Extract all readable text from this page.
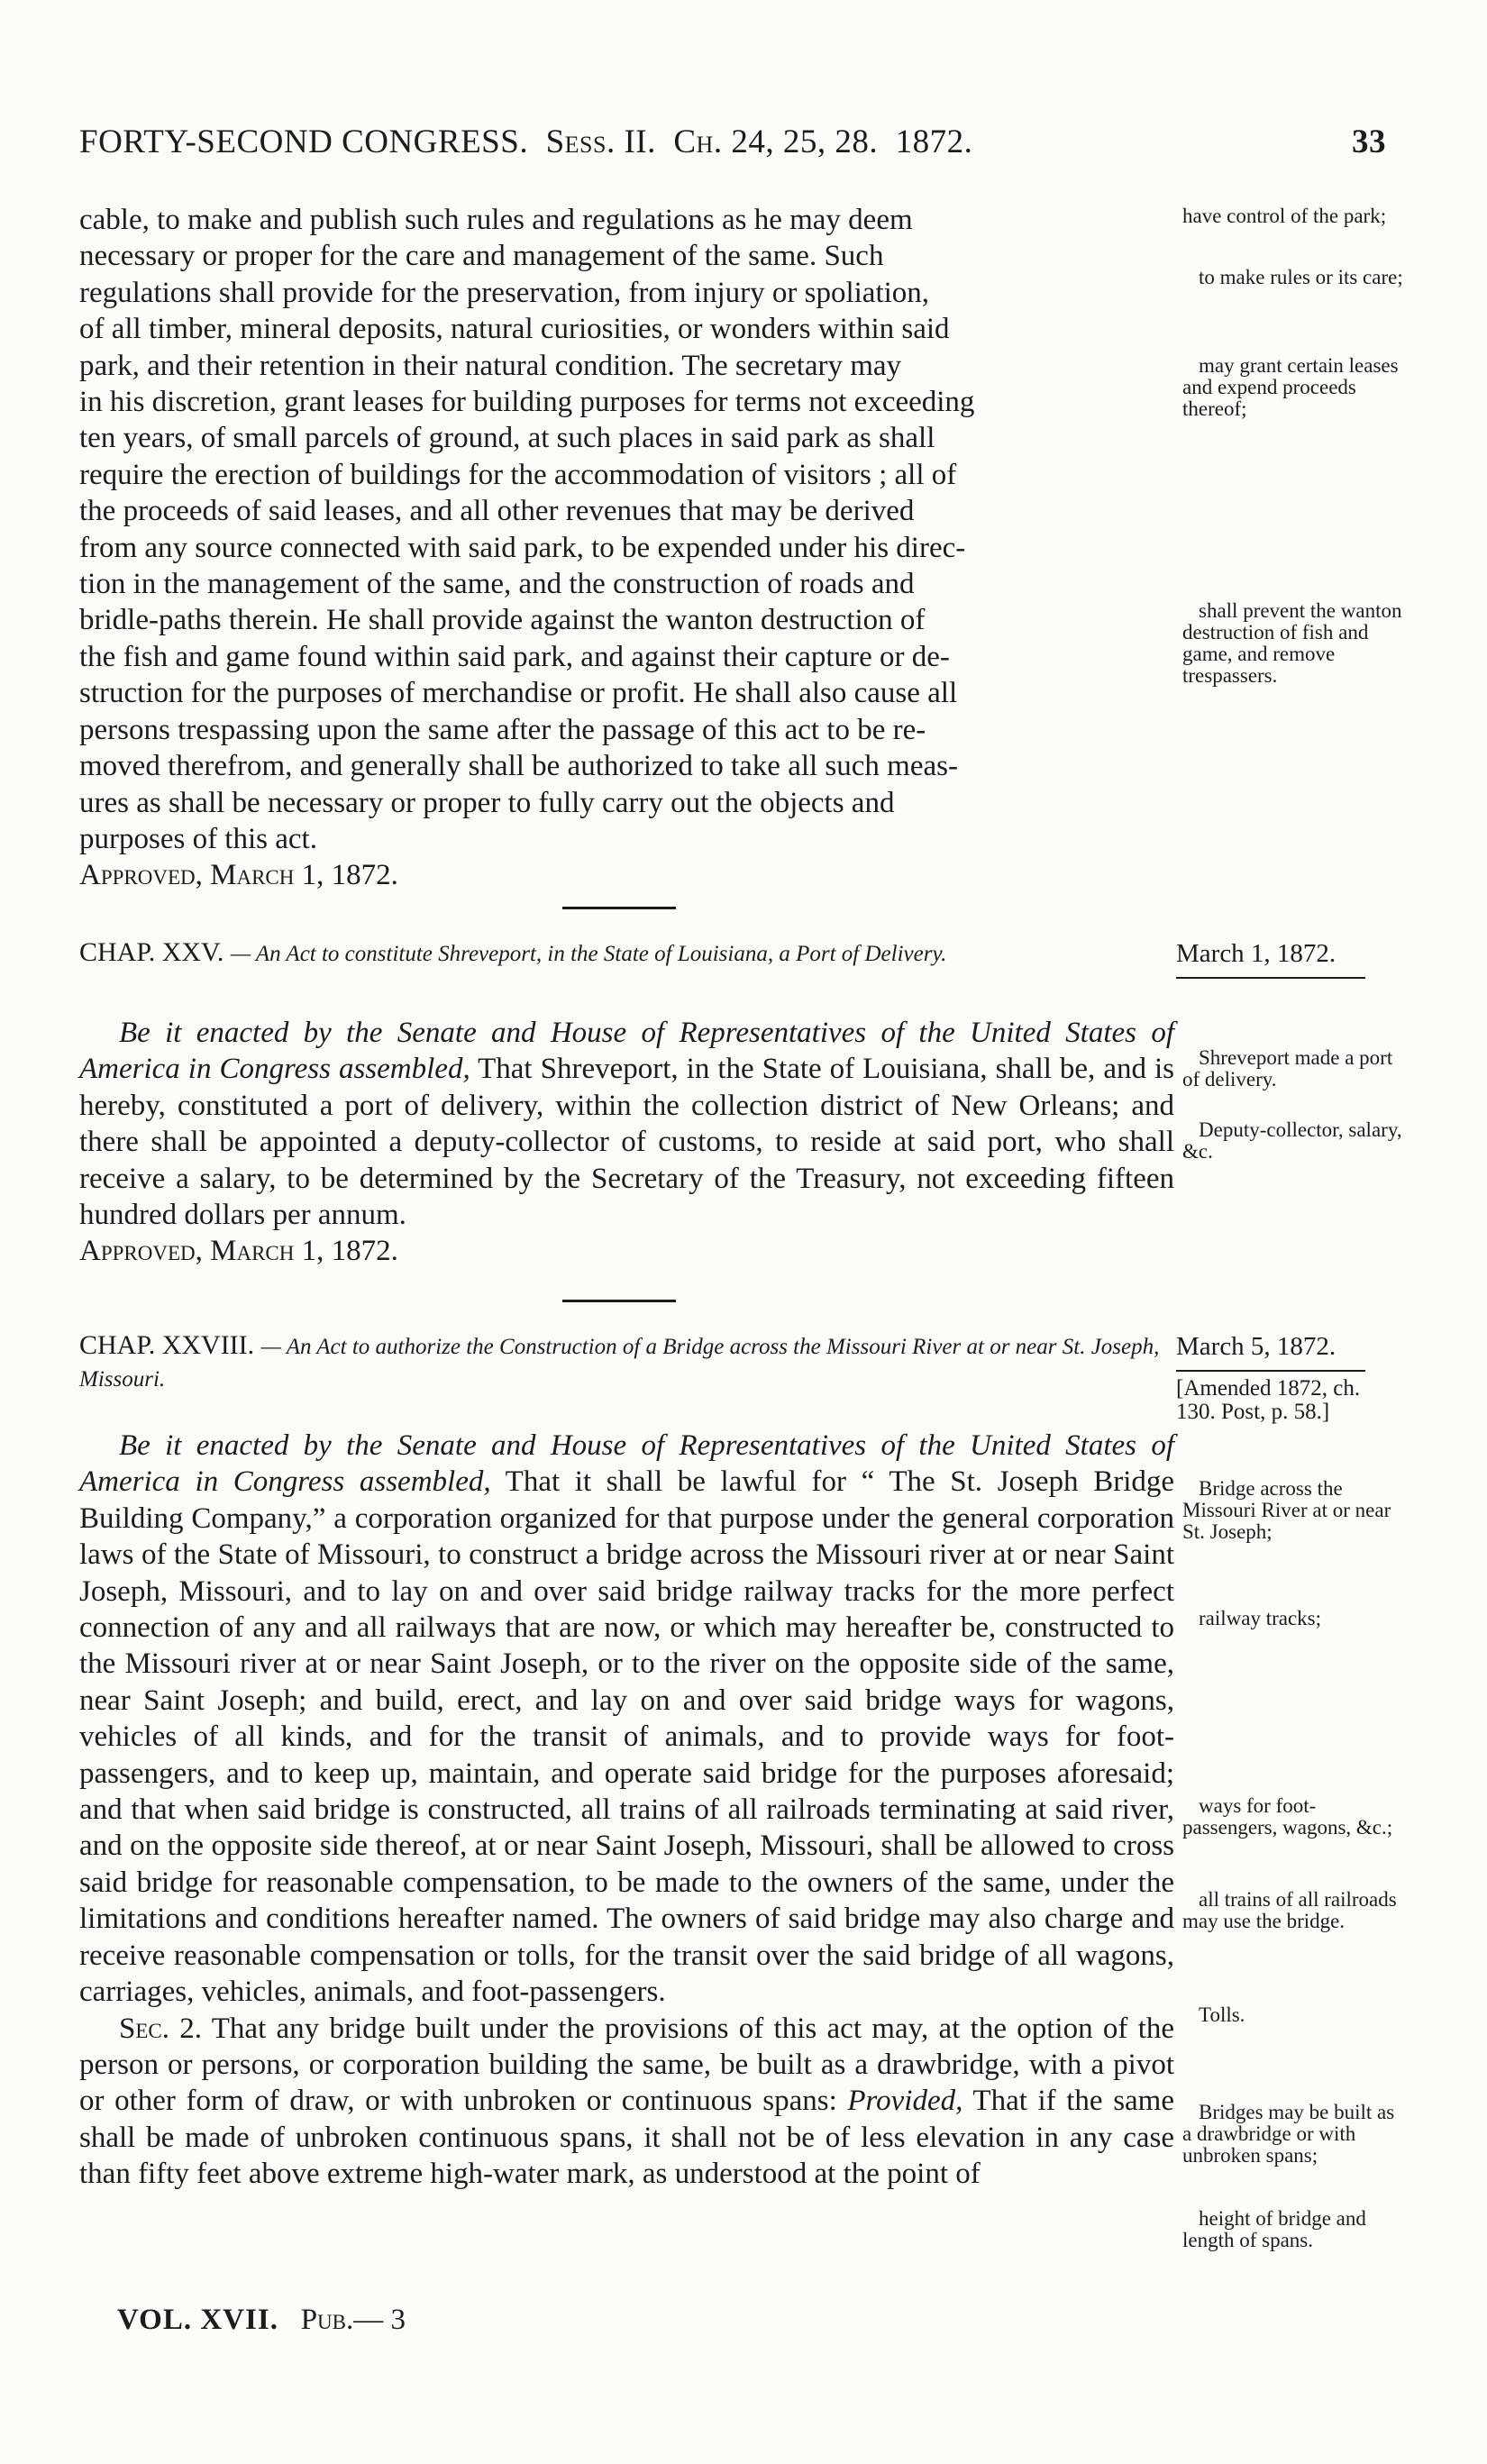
FORTY-SECOND CONGRESS. Sess. II. Ch. 24, 25, 28. 1872.	33

cable, to make and publish such rules and regulations as he may deem

necessary or proper for the care and management of the same. Such

regulations shall provide for the preservation, from injury or spoliation,

of all timber, mineral deposits, natural curiosities, or wonders within said

park, and their retention in their natural condition. The secretary may

in his discretion, grant leases for building purposes for terms not exceeding

ten years, of small parcels of ground, at such places in said park as shall

require the erection of buildings for the accommodation of visitors ; all of

the proceeds of said leases, and all other revenues that may be derived

from any source connected with said park, to be expended under his direc-

tion in the management of the same, and the construction of roads and

bridle-paths therein. He shall provide against the wanton destruction of

the fish and game found within said park, and against their capture or de-

struction for the purposes of merchandise or profit. He shall also cause all

persons trespassing upon the same after the passage of this act to be re-

moved therefrom, and generally shall be authorized to take all such meas-

ures as shall be necessary or proper to fully carry out the objects and

purposes of this act.

Approved, March 1, 1872.

have control of the park;
to make rules or its care;
may grant certain leases and expend proceeds thereof;
shall prevent the wanton destruction of fish and game, and remove trespassers.
CHAP. XXV. — An Act to constitute Shreveport, in the State of Louisiana, a Port of Delivery.	March 1, 1872.

Be it enacted by the Senate and House of Representatives of the United States of America in Congress assembled, That Shreveport, in the State of Louisiana, shall be, and is hereby, constituted a port of delivery, within the collection district of New Orleans; and there shall be appointed a deputy-collector of customs, to reside at said port, who shall receive a salary, to be determined by the Secretary of the Treasury, not exceeding fifteen hundred dollars per annum.

Approved, March 1, 1872.

Shreveport made a port of delivery.
Deputy-collector, salary, &c.
CHAP. XXVIII. — An Act to authorize the Construction of a Bridge across the Missouri River at or near St. Joseph, Missouri.
March 5, 1872.
[Amended 1872, ch. 130. Post, p. 58.]

Be it enacted by the Senate and House of Representatives of the United States of America in Congress assembled, That it shall be lawful for “ The St. Joseph Bridge Building Company,” a corporation organized for that purpose under the general corporation laws of the State of Missouri, to construct a bridge across the Missouri river at or near Saint Joseph, Missouri, and to lay on and over said bridge railway tracks for the more perfect connection of any and all railways that are now, or which may hereafter be, constructed to the Missouri river at or near Saint Joseph, or to the river on the opposite side of the same, near Saint Joseph; and build, erect, and lay on and over said bridge ways for wagons, vehicles of all kinds, and for the transit of animals, and to provide ways for foot-passengers, and to keep up, maintain, and operate said bridge for the purposes aforesaid; and that when said bridge is constructed, all trains of all railroads terminating at said river, and on the opposite side thereof, at or near Saint Joseph, Missouri, shall be allowed to cross said bridge for reasonable compensation, to be made to the owners of the same, under the limitations and conditions hereafter named. The owners of said bridge may also charge and receive reasonable compensation or tolls, for the transit over the said bridge of all wagons, carriages, vehicles, animals, and foot-passengers.

Sec. 2. That any bridge built under the provisions of this act may, at the option of the person or persons, or corporation building the same, be built as a drawbridge, with a pivot or other form of draw, or with unbroken or continuous spans: Provided, That if the same shall be made of unbroken continuous spans, it shall not be of less elevation in any case than fifty feet above extreme high-water mark, as understood at the point of

Bridge across the Missouri River at or near St. Joseph;
railway tracks;
ways for foot-passengers, wagons, &c.;
all trains of all railroads may use the bridge.
Tolls.
Bridges may be built as a drawbridge or with unbroken spans;
height of bridge and length of spans.
VOL. XVII. Pub.— 3
